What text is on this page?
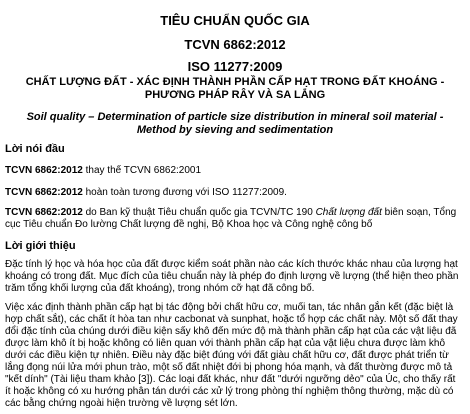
TIÊU CHUẨN QUỐC GIA
TCVN 6862:2012
ISO 11277:2009
CHẤT LƯỢNG ĐẤT - XÁC ĐỊNH THÀNH PHẦN CẤP HẠT TRONG ĐẤT KHOÁNG - PHƯƠNG PHÁP RÂY VÀ SA LẮNG
Soil quality – Determination of particle size distribution in mineral soil material - Method by sieving and sedimentation
Lời nói đầu

TCVN 6862:2012 thay thế TCVN 6862:2001

TCVN 6862:2012 hoàn toàn tương đương với ISO 11277:2009.

TCVN 6862:2012 do Ban kỹ thuật Tiêu chuẩn quốc gia TCVN/TC 190 Chất lượng đất biên soạn, Tổng cục Tiêu chuẩn Đo lường Chất lượng đề nghị, Bộ Khoa học và Công nghệ công bố

Lời giới thiệu

Đặc tính lý học và hóa học của đất được kiểm soát phần nào các kích thước khác nhau của lượng hạt khoáng có trong đất. Mục đích của tiêu chuẩn này là phép đo định lượng về lượng (thể hiện theo phần trăm tổng khối lượng của đất khoáng), trong nhóm cỡ hạt đã công bố.

Việc xác định thành phần cấp hạt bị tác động bởi chất hữu cơ, muối tan, tác nhân gắn kết (đặc biệt là hợp chất sắt), các chất ít hòa tan như cacbonat và sunphat, hoặc tổ hợp các chất này. Một số đất thay đổi đặc tính của chúng dưới điều kiện sấy khô đến mức độ mà thành phần cấp hạt của các vật liệu đã được làm khô ít bị hoặc không có liên quan với thành phần cấp hạt của vật liệu chưa được làm khô dưới các điều kiện tự nhiên. Điều này đặc biệt đúng với đất giàu chất hữu cơ, đất được phát triển từ lắng đọng núi lửa mới phun trào, một số đất nhiệt đới bị phong hóa mạnh, và đất thường được mô tả "kết dính" (Tài liệu tham khảo [3]). Các loại đất khác, như đất "dưới ngưỡng dẻo" của Úc, cho thấy rất ít hoặc không có xu hướng phân tán dưới các xử lý trong phòng thí nghiệm thông thường, mặc dù có các bằng chứng ngoài hiện trường về lượng sét lớn.
